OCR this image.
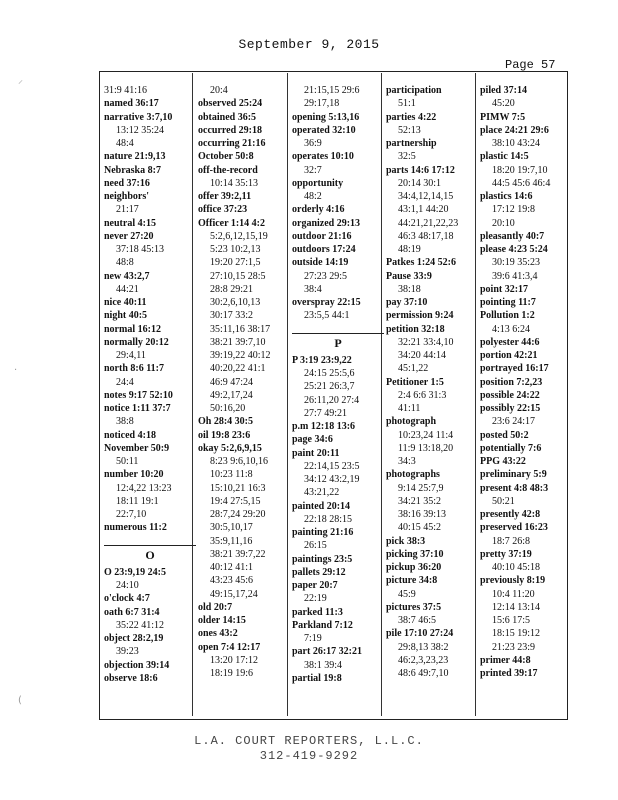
September 9, 2015
Page 57
⸝
·
(
31:9 41:16
named 36:17
narrative 3:7,10
13:12 35:24
48:4
nature 21:9,13
Nebraska 8:7
need 37:16
neighbors'
21:17
neutral 4:15
never 27:20
37:18 45:13
48:8
new 43:2,7
44:21
nice 40:11
night 40:5
normal 16:12
normally 20:12
29:4,11
north 8:6 11:7
24:4
notes 9:17 52:10
notice 1:11 37:7
38:8
noticed 4:18
November 50:9
50:11
number 10:20
12:4,22 13:23
18:11 19:1
22:7,10
numerous 11:2
O
O 23:9,19 24:5
24:10
o'clock 4:7
oath 6:7 31:4
35:22 41:12
object 28:2,19
39:23
objection 39:14
observe 18:6
20:4
observed 25:24
obtained 36:5
occurred 29:18
occurring 21:16
October 50:8
off-the-record
10:14 35:13
offer 39:2,11
office 37:23
Officer 1:14 4:2
5:2,6,12,15,19
5:23 10:2,13
19:20 27:1,5
27:10,15 28:5
28:8 29:21
30:2,6,10,13
30:17 33:2
35:11,16 38:17
38:21 39:7,10
39:19,22 40:12
40:20,22 41:1
46:9 47:24
49:2,17,24
50:16,20
Oh 28:4 30:5
oil 19:8 23:6
okay 5:2,6,9,15
8:23 9:6,10,16
10:23 11:8
15:10,21 16:3
19:4 27:5,15
28:7,24 29:20
30:5,10,17
35:9,11,16
38:21 39:7,22
40:12 41:1
43:23 45:6
49:15,17,24
old 20:7
older 14:15
ones 43:2
open 7:4 12:17
13:20 17:12
18:19 19:6
21:15,15 29:6
29:17,18
opening 5:13,16
operated 32:10
36:9
operates 10:10
32:7
opportunity
48:2
orderly 4:16
organized 29:13
outdoor 21:16
outdoors 17:24
outside 14:19
27:23 29:5
38:4
overspray 22:15
23:5,5 44:1
P
P 3:19 23:9,22
24:15 25:5,6
25:21 26:3,7
26:11,20 27:4
27:7 49:21
p.m 12:18 13:6
page 34:6
paint 20:11
22:14,15 23:5
34:12 43:2,19
43:21,22
painted 20:14
22:18 28:15
painting 21:16
26:15
paintings 23:5
pallets 29:12
paper 20:7
22:19
parked 11:3
Parkland 7:12
7:19
part 26:17 32:21
38:1 39:4
partial 19:8
participation
51:1
parties 4:22
52:13
partnership
32:5
parts 14:6 17:12
20:14 30:1
34:4,12,14,15
43:1,1 44:20
44:21,21,22,23
46:3 48:17,18
48:19
Patkes 1:24 52:6
Pause 33:9
38:18
pay 37:10
permission 9:24
petition 32:18
32:21 33:4,10
34:20 44:14
45:1,22
Petitioner 1:5
2:4 6:6 31:3
41:11
photograph
10:23,24 11:4
11:9 13:18,20
34:3
photographs
9:14 25:7,9
34:21 35:2
38:16 39:13
40:15 45:2
pick 38:3
picking 37:10
pickup 36:20
picture 34:8
45:9
pictures 37:5
38:7 46:5
pile 17:10 27:24
29:8,13 38:2
46:2,3,23,23
48:6 49:7,10
piled 37:14
45:20
PIMW 7:5
place 24:21 29:6
38:10 43:24
plastic 14:5
18:20 19:7,10
44:5 45:6 46:4
plastics 14:6
17:12 19:8
20:10
pleasantly 40:7
please 4:23 5:24
30:19 35:23
39:6 41:3,4
point 32:17
pointing 11:7
Pollution 1:2
4:13 6:24
polyester 44:6
portion 42:21
portrayed 16:17
position 7:2,23
possible 24:22
possibly 22:15
23:6 24:17
posted 50:2
potentially 7:6
PPG 43:22
preliminary 5:9
present 4:8 48:3
50:21
presently 42:8
preserved 16:23
18:7 26:8
pretty 37:19
40:10 45:18
previously 8:19
10:4 11:20
12:14 13:14
15:6 17:5
18:15 19:12
21:23 23:9
primer 44:8
printed 39:17
L.A. COURT REPORTERS, L.L.C.
312-419-9292
